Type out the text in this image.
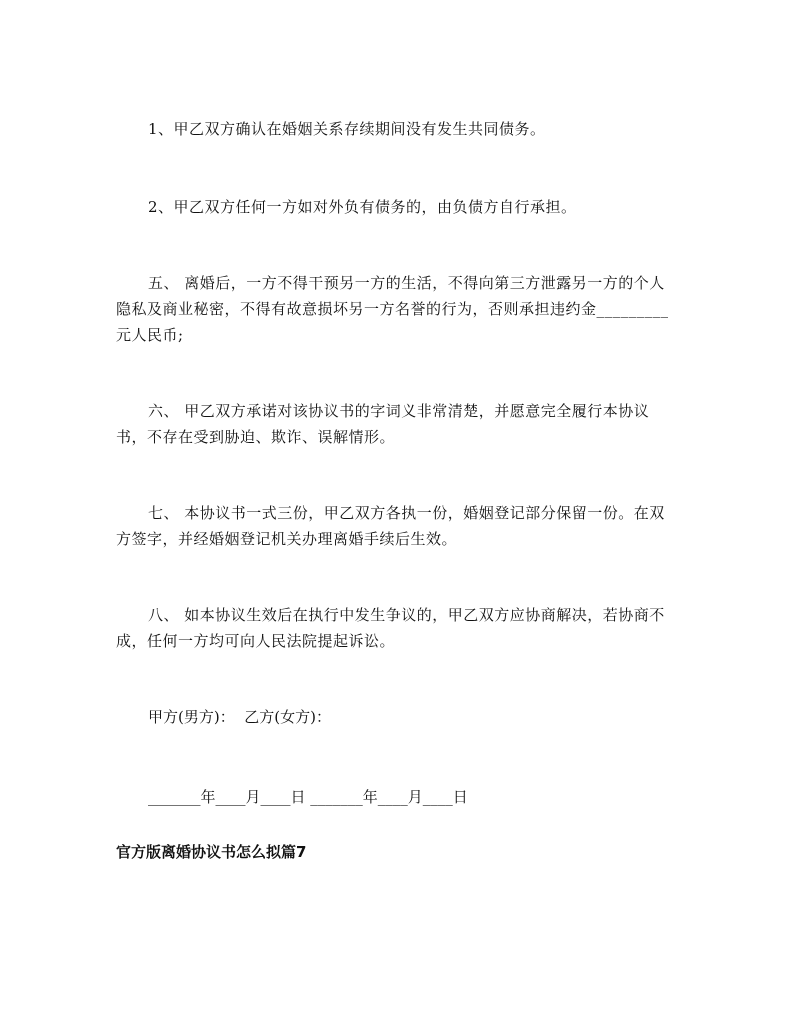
1、甲乙双方确认在婚姻关系存续期间没有发生共同债务。
2、甲乙双方任何一方如对外负有债务的，由负债方自行承担。
五、 离婚后，一方不得干预另一方的生活，不得向第三方泄露另一方的个人隐私及商业秘密，不得有故意损坏另一方名誉的行为，否则承担违约金_________元人民币;
六、 甲乙双方承诺对该协议书的字词义非常清楚，并愿意完全履行本协议书，不存在受到胁迫、欺诈、误解情形。
七、 本协议书一式三份，甲乙双方各执一份，婚姻登记部分保留一份。在双方签字，并经婚姻登记机关办理离婚手续后生效。
八、 如本协议生效后在执行中发生争议的，甲乙双方应协商解决，若协商不成，任何一方均可向人民法院提起诉讼。
甲方(男方)：  乙方(女方)：
_______年____月____日 _______年____月____日
官方版离婚协议书怎么拟篇7
